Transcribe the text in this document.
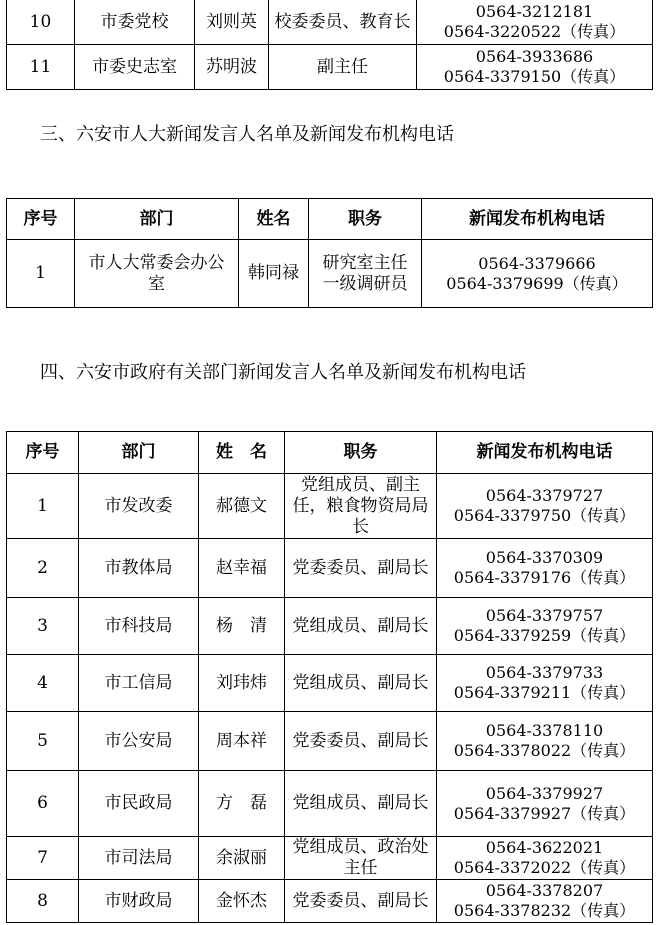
10	市委党校	刘则英	校委委员、教育长	0564-3212181
0564-3220522（传真）

11	市委史志室	苏明波	副主任	0564-3933686
0564-3379150（传真）
三、六安市人大新闻发言人名单及新闻发布机构电话
序号	部门	姓名	职务	新闻发布机构电话
1	市人大常委会办公室	韩同禄	研究室主任一级调研员	0564-3379666
0564-3379699（传真）
四、六安市政府有关部门新闻发言人名单及新闻发布机构电话
序号	部门	姓　名	职务	新闻发布机构电话
1	市发改委	郝德文	党组成员、副主任，粮食物资局局长	0564-3379727
0564-3379750（传真）

2	市教体局	赵幸福	党委委员、副局长	0564-3370309
0564-3379176（传真）

3	市科技局	杨　清	党组成员、副局长	0564-3379757
0564-3379259（传真）

4	市工信局	刘玮炜	党组成员、副局长	0564-3379733
0564-3379211（传真）

5	市公安局	周本祥	党委委员、副局长	0564-3378110
0564-3378022（传真）

6	市民政局	方　磊	党组成员、副局长	0564-3379927
0564-3379927（传真）

7	市司法局	余淑丽	党组成员、政治处主任	0564-3622021
0564-3372022（传真）

8	市财政局	金怀杰	党委委员、副局长	0564-3378207
0564-3378232（传真）
